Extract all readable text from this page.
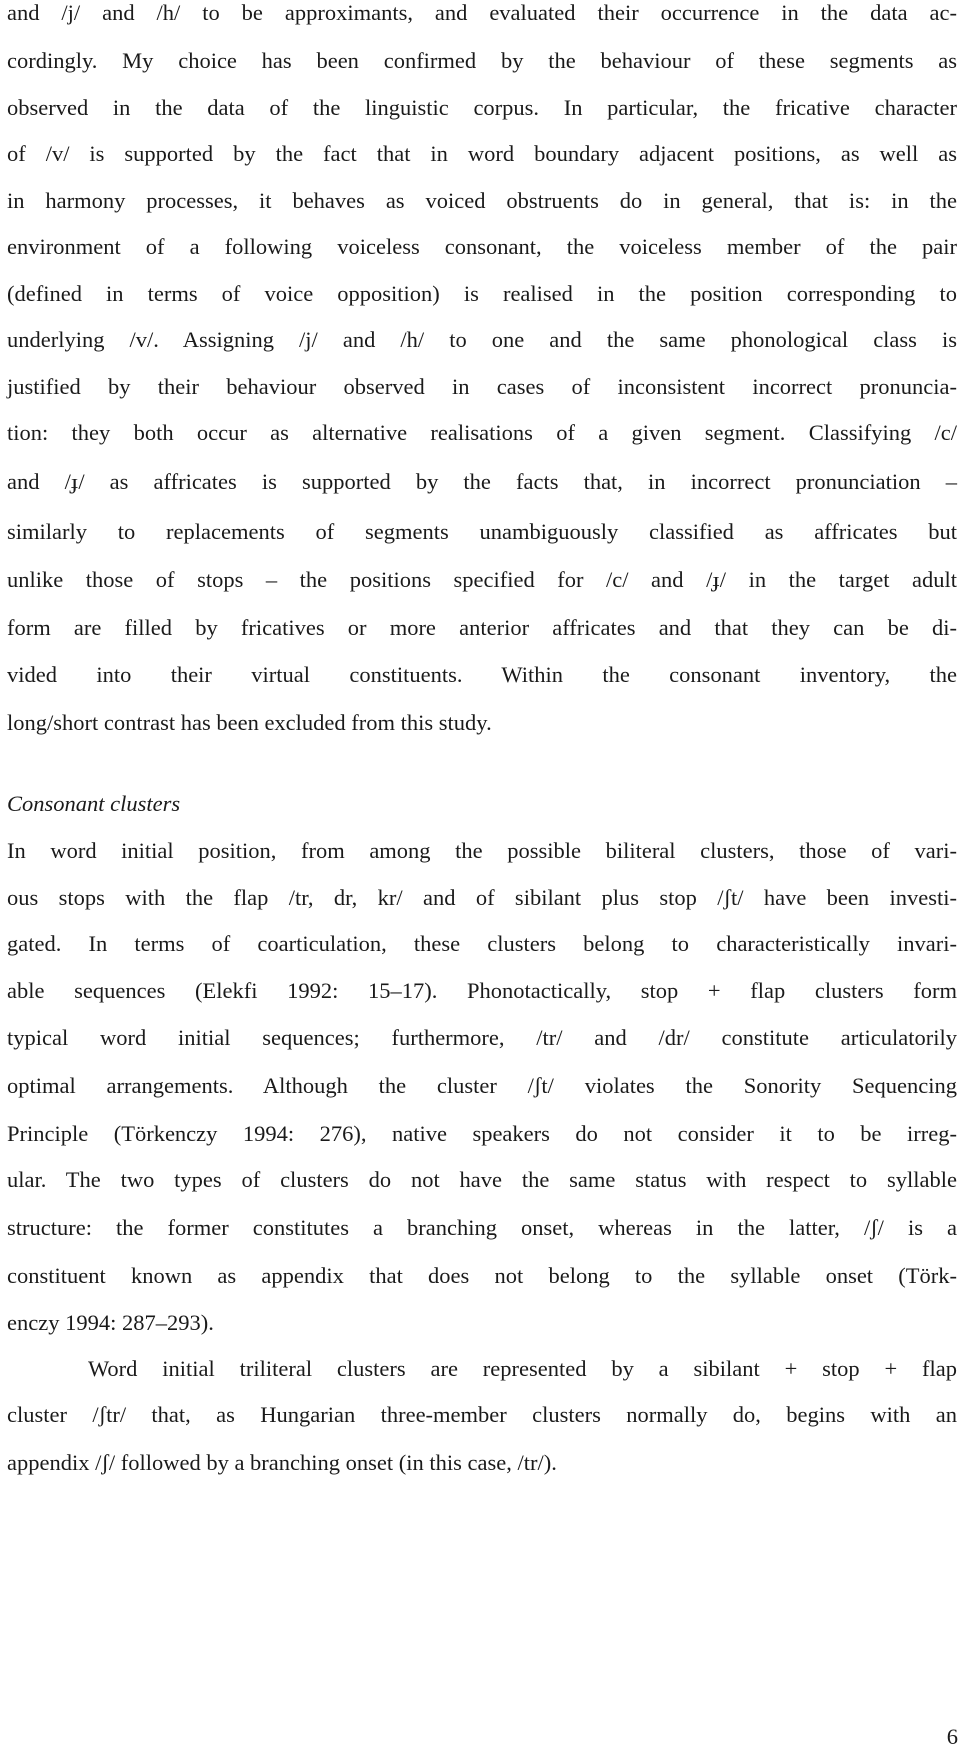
and /j/ and /h/ to be approximants, and evaluated their occurrence in the data ac-
cordingly. My choice has been confirmed by the behaviour of these segments as
observed in the data of the linguistic corpus. In particular, the fricative character
of /v/ is supported by the fact that in word boundary adjacent positions, as well as
in harmony processes, it behaves as voiced obstruents do in general, that is: in the
environment of a following voiceless consonant, the voiceless member of the pair
(defined in terms of voice opposition) is realised in the position corresponding to
underlying /v/. Assigning /j/ and /h/ to one and the same phonological class is
justified by their behaviour observed in cases of inconsistent incorrect pronuncia-
tion: they both occur as alternative realisations of a given segment. Classifying /c/
and /ɟ/ as affricates is supported by the facts that, in incorrect pronunciation –
similarly to replacements of segments unambiguously classified as affricates but
unlike those of stops – the positions specified for /c/ and /ɟ/ in the target adult
form are filled by fricatives or more anterior affricates and that they can be di-
vided into their virtual constituents. Within the consonant inventory, the
long/short contrast has been excluded from this study.
Consonant clusters
In word initial position, from among the possible biliteral clusters, those of vari-
ous stops with the flap /tr, dr, kr/ and of sibilant plus stop /ʃt/ have been investi-
gated. In terms of coarticulation, these clusters belong to characteristically invari-
able sequences (Elekfi 1992: 15–17). Phonotactically, stop + flap clusters form
typical word initial sequences; furthermore, /tr/ and /dr/ constitute articulatorily
optimal arrangements. Although the cluster /ʃt/ violates the Sonority Sequencing
Principle (Törkenczy 1994: 276), native speakers do not consider it to be irreg-
ular. The two types of clusters do not have the same status with respect to syllable
structure: the former constitutes a branching onset, whereas in the latter, /ʃ/ is a
constituent known as appendix that does not belong to the syllable onset (Törk-
enczy 1994: 287–293).
Word initial triliteral clusters are represented by a sibilant + stop + flap
cluster /ʃtr/ that, as Hungarian three-member clusters normally do, begins with an
appendix /ʃ/ followed by a branching onset (in this case, /tr/).
6
